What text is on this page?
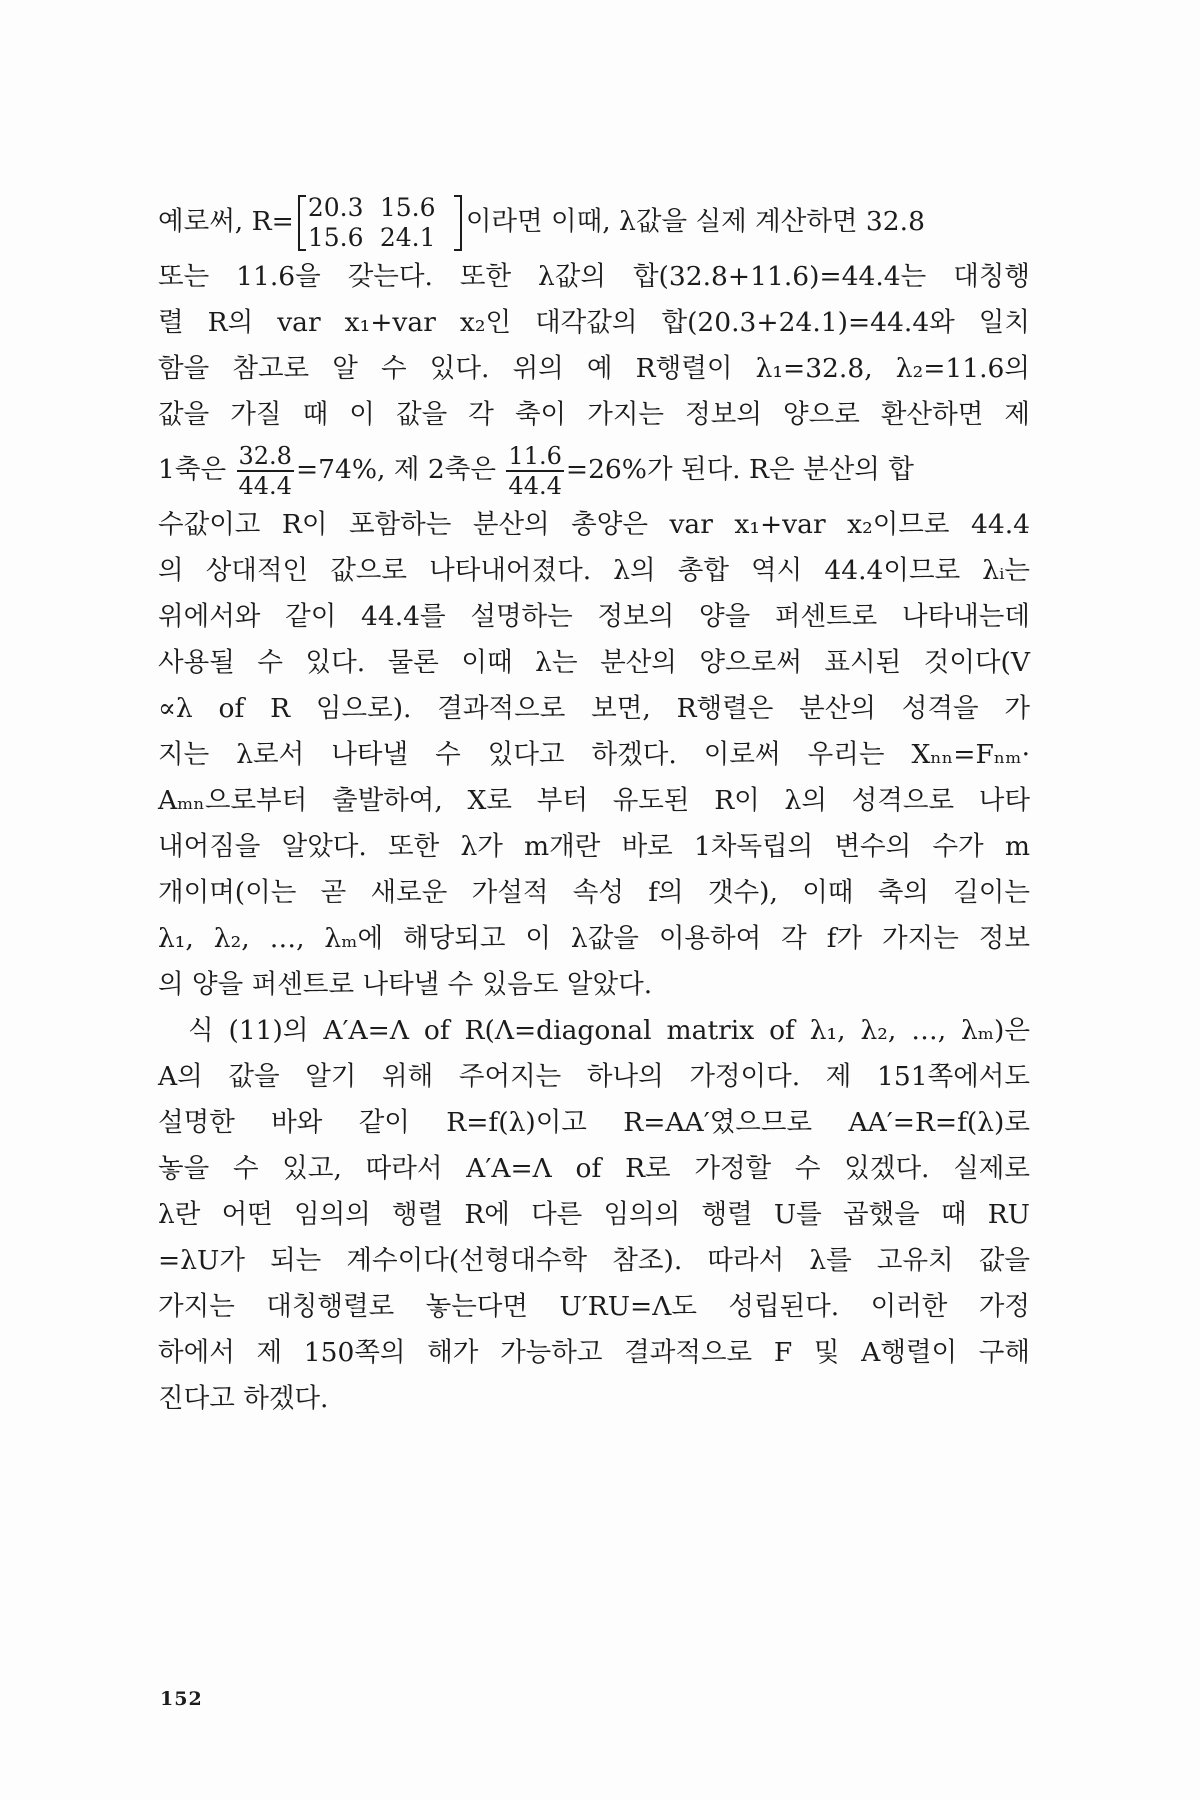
예로써, R= 20.3 15.6
15.6 24.1
이라면 이때, λ값을 실제 계산하면 32.8
또는 11.6을 갖는다. 또한 λ값의 합(32.8+11.6)=44.4는 대칭행
렬 R의 var x₁+var x₂인 대각값의 합(20.3+24.1)=44.4와 일치
함을 참고로 알 수 있다. 위의 예 R행렬이 λ₁=32.8, λ₂=11.6의
값을 가질 때 이 값을 각 축이 가지는 정보의 양으로 환산하면 제
1축은 $\frac{32.8}{44.4} =74\%$, 제 2축은 $\frac{11.6}{44.4} =26\%$가 된다. R은 분산의 합
수값이고 R이 포함하는 분산의 총양은 var x₁+var x₂이므로 44.4
의 상대적인 값으로 나타내어졌다. λ의 총합 역시 44.4이므로 λᵢ는
위에서와 같이 44.4를 설명하는 정보의 양을 퍼센트로 나타내는데
사용될 수 있다. 물론 이때 λ는 분산의 양으로써 표시된 것이다(V
∝λ of R 임으로). 결과적으로 보면, R행렬은 분산의 성격을 가
지는 λ로서 나타낼 수 있다고 하겠다. 이로써 우리는 Xₙₙ=Fₙₘ·
Aₘₙ으로부터 출발하여, X로 부터 유도된 R이 λ의 성격으로 나타
내어짐을 알았다. 또한 λ가 m개란 바로 1차독립의 변수의 수가 m
개이며(이는 곧 새로운 가설적 속성 f의 갯수), 이때 축의 길이는
λ₁, λ₂, …, λₘ에 해당되고 이 λ값을 이용하여 각 f가 가지는 정보
의 양을 퍼센트로 나타낼 수 있음도 알았다.
식 (11)의 A′A=Λ of R(Λ=diagonal matrix of λ₁, λ₂, …, λₘ)은
A의 값을 알기 위해 주어지는 하나의 가정이다. 제 151쪽에서도
설명한 바와 같이 R=f(λ)이고 R=AA′였으므로 AA′=R=f(λ)로
놓을 수 있고, 따라서 A′A=Λ of R로 가정할 수 있겠다. 실제로
λ란 어떤 임의의 행렬 R에 다른 임의의 행렬 U를 곱했을 때 RU
=λU가 되는 계수이다(선형대수학 참조). 따라서 λ를 고유치 값을
가지는 대칭행렬로 놓는다면 U′RU=Λ도 성립된다. 이러한 가정
하에서 제 150쪽의 해가 가능하고 결과적으로 F 및 A행렬이 구해
진다고 하겠다.
152
